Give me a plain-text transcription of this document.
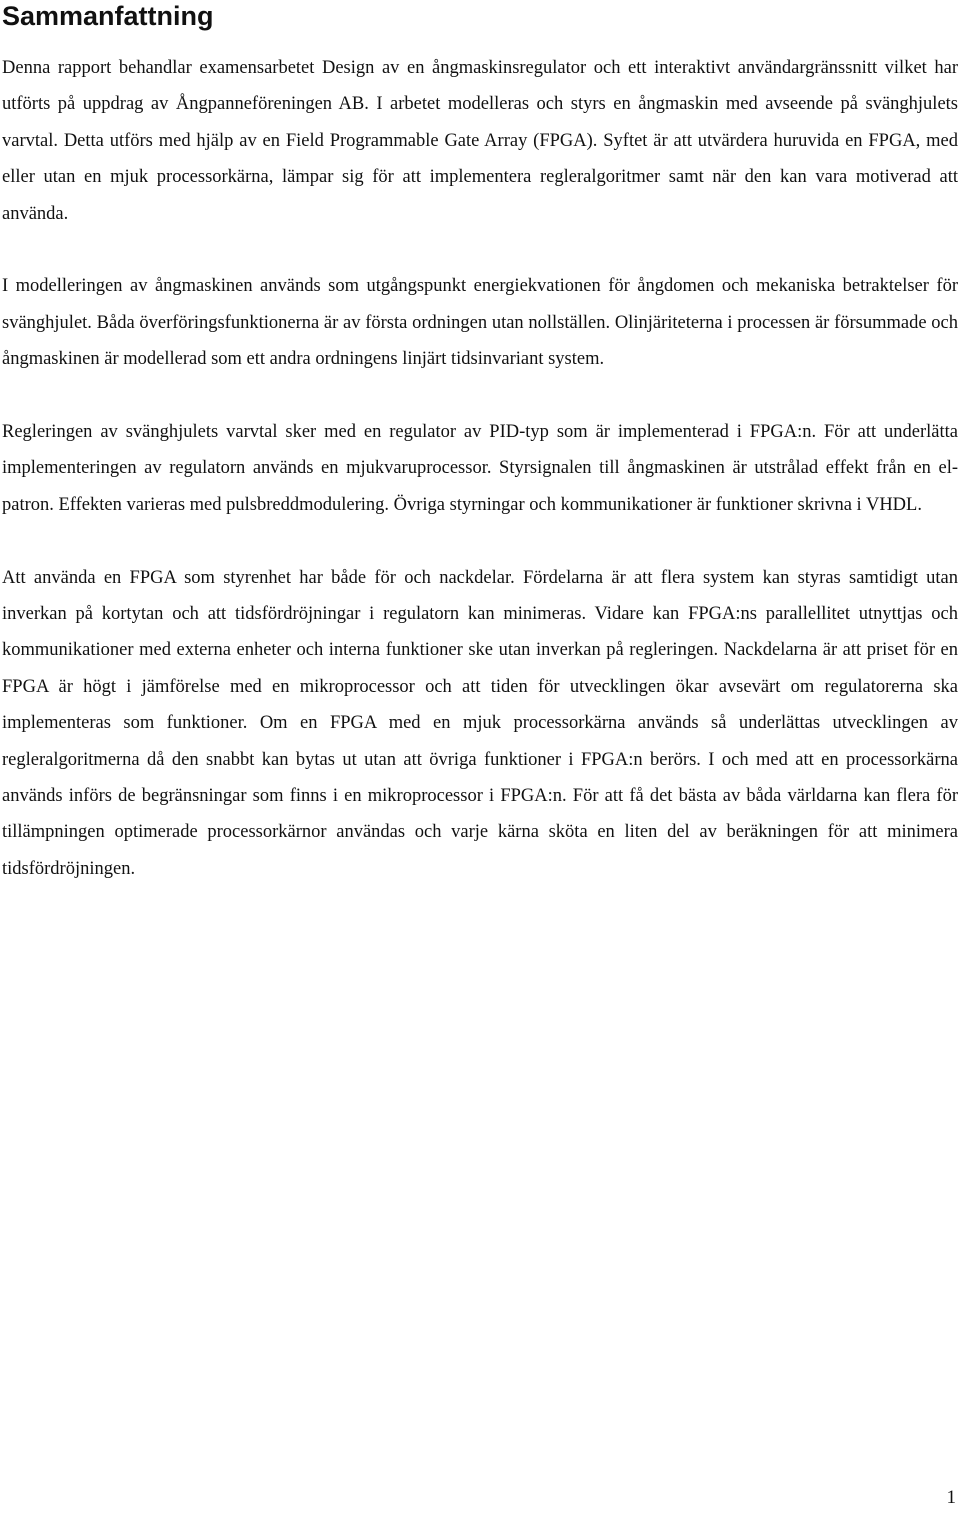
Sammanfattning

Denna rapport behandlar examensarbetet Design av en ångmaskinsregulator och ett interaktivt användargränssnitt vilket har utförts på uppdrag av Ångpanneföreningen AB. I arbetet modelleras och styrs en ångmaskin med avseende på svänghjulets varvtal. Detta utförs med hjälp av en Field Programmable Gate Array (FPGA). Syftet är att utvärdera huruvida en FPGA, med eller utan en mjuk processorkärna, lämpar sig för att implementera regleralgoritmer samt när den kan vara motiverad att använda.

I modelleringen av ångmaskinen används som utgångspunkt energiekvationen för ångdomen och mekaniska betraktelser för svänghjulet. Båda överföringsfunktionerna är av första ordningen utan nollställen. Olinjäriteterna i processen är försummade och ångmaskinen är modellerad som ett andra ordningens linjärt tidsinvariant system.

Regleringen av svänghjulets varvtal sker med en regulator av PID-typ som är implementerad i FPGA:n. För att underlätta implementeringen av regulatorn används en mjukvaruprocessor. Styrsignalen till ångmaskinen är utstrålad effekt från en el-patron. Effekten varieras med pulsbreddmodulering. Övriga styrningar och kommunikationer är funktioner skrivna i VHDL.

Att använda en FPGA som styrenhet har både för och nackdelar. Fördelarna är att flera system kan styras samtidigt utan inverkan på kortytan och att tidsfördröjningar i regulatorn kan minimeras. Vidare kan FPGA:ns parallellitet utnyttjas och kommunikationer med externa enheter och interna funktioner ske utan inverkan på regleringen. Nackdelarna är att priset för en FPGA är högt i jämförelse med en mikroprocessor och att tiden för utvecklingen ökar avsevärt om regulatorerna ska implementeras som funktioner. Om en FPGA med en mjuk processorkärna används så underlättas utvecklingen av regleralgoritmerna då den snabbt kan bytas ut utan att övriga funktioner i FPGA:n berörs. I och med att en processorkärna används införs de begränsningar som finns i en mikroprocessor i FPGA:n. För att få det bästa av båda världarna kan flera för tillämpningen optimerade processorkärnor användas och varje kärna sköta en liten del av beräkningen för att minimera tidsfördröjningen.

1
